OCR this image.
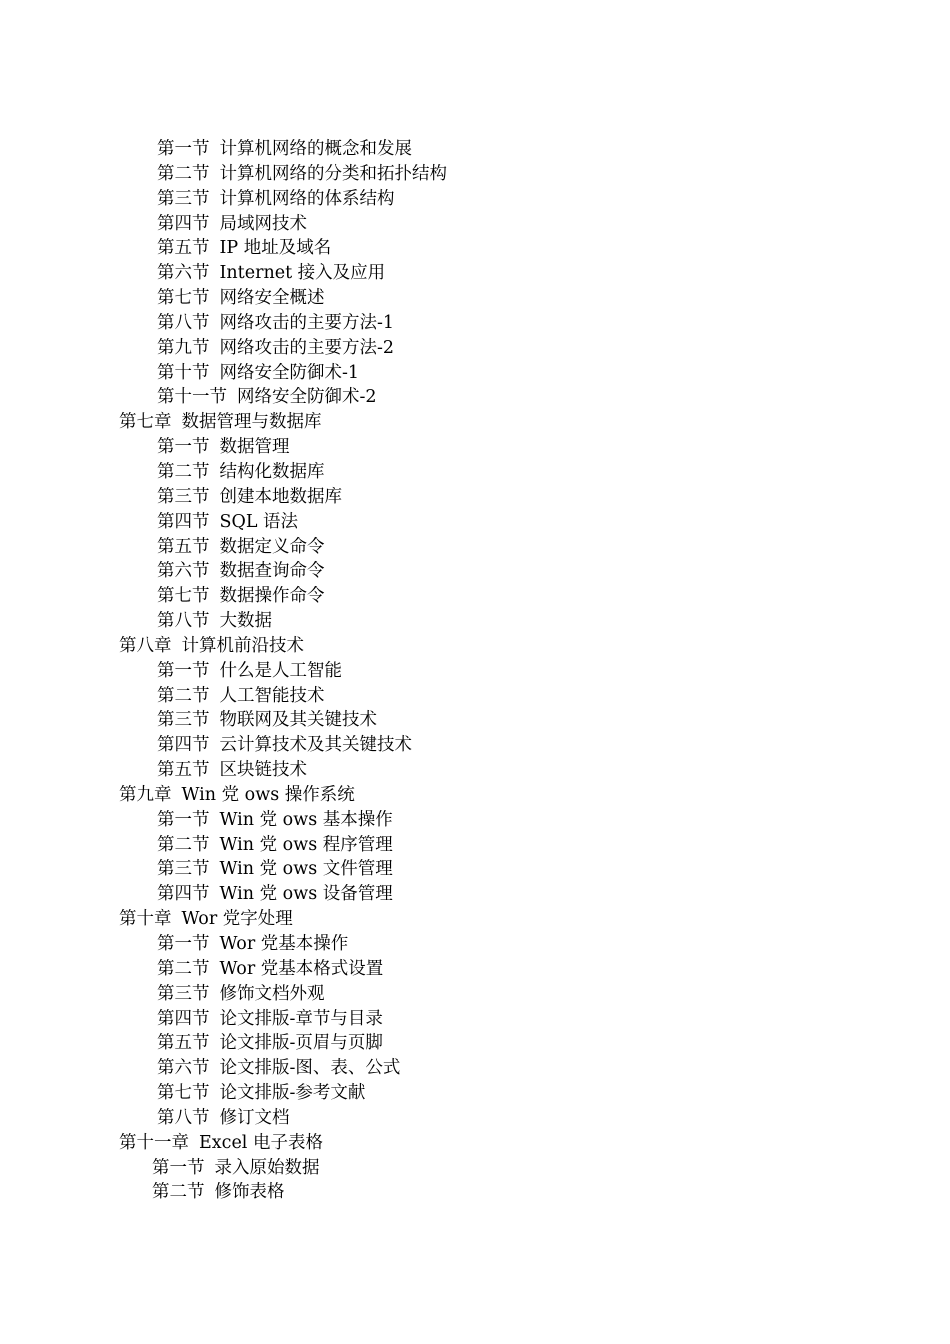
第一节 计算机网络的概念和发展
第二节 计算机网络的分类和拓扑结构
第三节 计算机网络的体系结构
第四节 局域网技术
第五节 IP 地址及域名
第六节 Internet 接入及应用
第七节 网络安全概述
第八节 网络攻击的主要方法-1
第九节 网络攻击的主要方法-2
第十节 网络安全防御术-1
第十一节 网络安全防御术-2
第七章 数据管理与数据库
第一节 数据管理
第二节 结构化数据库
第三节 创建本地数据库
第四节 SQL 语法
第五节 数据定义命令
第六节 数据查询命令
第七节 数据操作命令
第八节 大数据
第八章 计算机前沿技术
第一节 什么是人工智能
第二节 人工智能技术
第三节 物联网及其关键技术
第四节 云计算技术及其关键技术
第五节 区块链技术
第九章 Win 党 ows 操作系统
第一节 Win 党 ows 基本操作
第二节 Win 党 ows 程序管理
第三节 Win 党 ows 文件管理
第四节 Win 党 ows 设备管理
第十章 Wor 党字处理
第一节 Wor 党基本操作
第二节 Wor 党基本格式设置
第三节 修饰文档外观
第四节 论文排版-章节与目录
第五节 论文排版-页眉与页脚
第六节 论文排版-图、表、公式
第七节 论文排版-参考文献
第八节 修订文档
第十一章 Excel 电子表格
第一节 录入原始数据
第二节 修饰表格
